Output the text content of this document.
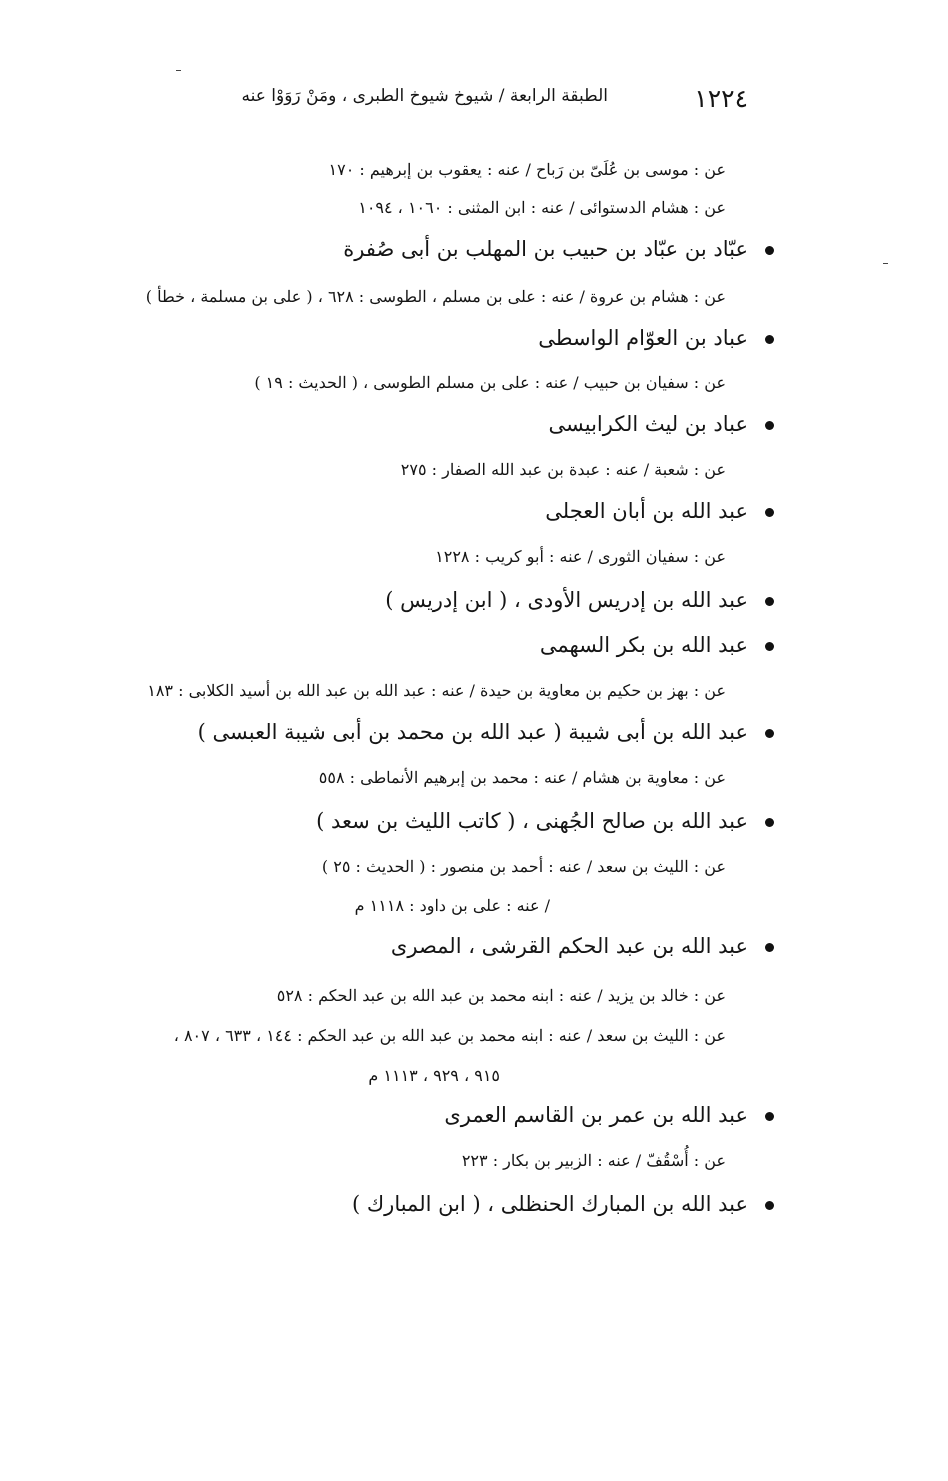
١٢٢٤
الطبقة الرابعة / شيوخ شيوخ الطبرى ، ومَنْ رَوَوْا عنه
عن : موسى بن عُلَىّ بن رَباح / عنه : يعقوب بن إبرهيم : ١٧٠
عن : هشام الدستوائى / عنه : ابن المثنى : ١٠٦٠ ، ١٠٩٤
عبّاد بن عبّاد بن حبيب بن المهلب بن أبى صُفرة
عن : هشام بن عروة / عنه : على بن مسلم ، الطوسى : ٦٢٨ ، ( على بن مسلمة ، خطأ )
عباد بن العوّام الواسطى
عن : سفيان بن حبيب / عنه : على بن مسلم الطوسى ، ( الحديث : ١٩ )
عباد بن ليث الكرابيسى
عن : شعبة / عنه : عبدة بن عبد الله الصفار : ٢٧٥
عبد الله بن أبان العجلى
عن : سفيان الثورى / عنه : أبو كريب : ١٢٢٨
عبد الله بن إدريس الأودى ، ( ابن إدريس )
عبد الله بن بكر السهمى
عن : بهز بن حكيم بن معاوية بن حيدة / عنه : عبد الله بن عبد الله بن أسيد الكلابى : ١٨٣
عبد الله بن أبى شيبة ( عبد الله بن محمد بن أبى شيبة العبسى )
عن : معاوية بن هشام / عنه : محمد بن إبرهيم الأنماطى : ٥٥٨
عبد الله بن صالح الجُهنى ، ( كاتب الليث بن سعد )
عن : الليث بن سعد / عنه : أحمد بن منصور : ( الحديث : ٢٥ )
/ عنه : على بن داود : ١١١٨ م
عبد الله بن عبد الحكم القرشى ، المصرى
عن : خالد بن يزيد / عنه : ابنه محمد بن عبد الله بن عبد الحكم : ٥٢٨
عن : الليث بن سعد / عنه : ابنه محمد بن عبد الله بن عبد الحكم : ١٤٤ ، ٦٣٣ ، ٨٠٧ ،
٩١٥ ، ٩٢٩ ، ١١١٣ م
عبد الله بن عمر بن القاسم العمرى
عن : أُسْقُفّ / عنه : الزبير بن بكار : ٢٢٣
عبد الله بن المبارك الحنظلى ، ( ابن المبارك )
